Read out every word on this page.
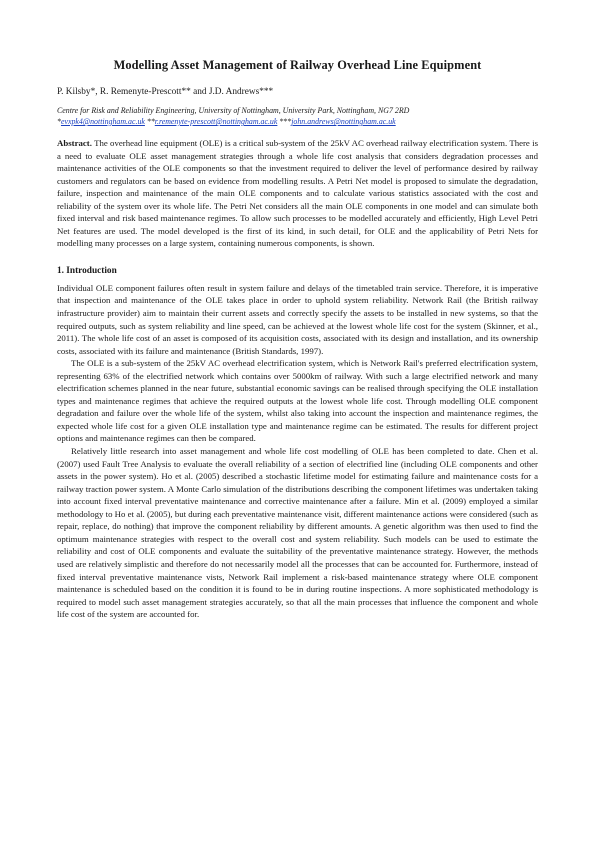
Modelling Asset Management of Railway Overhead Line Equipment

P. Kilsby*, R. Remenyte-Prescott** and J.D. Andrews***

Centre for Risk and Reliability Engineering, University of Nottingham, University Park, Nottingham, NG7 2RD

*evxpk4@nottingham.ac.uk **r.remenyte-prescott@nottingham.ac.uk ***john.andrews@nottingham.ac.uk

Abstract. The overhead line equipment (OLE) is a critical sub-system of the 25kV AC overhead railway electrification system. There is a need to evaluate OLE asset management strategies through a whole life cost analysis that considers degradation processes and maintenance activities of the OLE components so that the investment required to deliver the level of performance desired by railway customers and regulators can be based on evidence from modelling results. A Petri Net model is proposed to simulate the degradation, failure, inspection and maintenance of the main OLE components and to calculate various statistics associated with the cost and reliability of the system over its whole life. The Petri Net considers all the main OLE components in one model and can simulate both fixed interval and risk based maintenance regimes. To allow such processes to be modelled accurately and efficiently, High Level Petri Net features are used. The model developed is the first of its kind, in such detail, for OLE and the applicability of Petri Nets for modelling many processes on a large system, containing numerous components, is shown.

1. Introduction

Individual OLE component failures often result in system failure and delays of the timetabled train service. Therefore, it is imperative that inspection and maintenance of the OLE takes place in order to uphold system reliability. Network Rail (the British railway infrastructure provider) aim to maintain their current assets and correctly specify the assets to be installed in new systems, so that the required outputs, such as system reliability and line speed, can be achieved at the lowest whole life cost for the system (Skinner, et al., 2011). The whole life cost of an asset is composed of its acquisition costs, associated with its design and installation, and its ownership costs, associated with its failure and maintenance (British Standards, 1997).

The OLE is a sub-system of the 25kV AC overhead electrification system, which is Network Rail's preferred electrification system, representing 63% of the electrified network which contains over 5000km of railway. With such a large electrified network and many electrification schemes planned in the near future, substantial economic savings can be realised through specifying the OLE installation types and maintenance regimes that achieve the required outputs at the lowest whole life cost. Through modelling OLE component degradation and failure over the whole life of the system, whilst also taking into account the inspection and maintenance regimes, the expected whole life cost for a given OLE installation type and maintenance regime can be estimated. The results for different project options and maintenance regimes can then be compared.

Relatively little research into asset management and whole life cost modelling of OLE has been completed to date. Chen et al. (2007) used Fault Tree Analysis to evaluate the overall reliability of a section of electrified line (including OLE components and other assets in the power system). Ho et al. (2005) described a stochastic lifetime model for estimating failure and maintenance costs for a railway traction power system. A Monte Carlo simulation of the distributions describing the component lifetimes was undertaken taking into account fixed interval preventative maintenance and corrective maintenance after a failure. Min et al. (2009) employed a similar methodology to Ho et al. (2005), but during each preventative maintenance visit, different maintenance actions were considered (such as repair, replace, do nothing) that improve the component reliability by different amounts. A genetic algorithm was then used to find the optimum maintenance strategies with respect to the overall cost and system reliability. Such models can be used to estimate the reliability and cost of OLE components and evaluate the suitability of the preventative maintenance strategy. However, the methods used are relatively simplistic and therefore do not necessarily model all the processes that can be accounted for. Furthermore, instead of fixed interval preventative maintenance vists, Network Rail implement a risk-based maintenance strategy where OLE component maintenance is scheduled based on the condition it is found to be in during routine inspections. A more sophisticated methodology is required to model such asset management strategies accurately, so that all the main processes that influence the component and whole life cost of the system are accounted for.
